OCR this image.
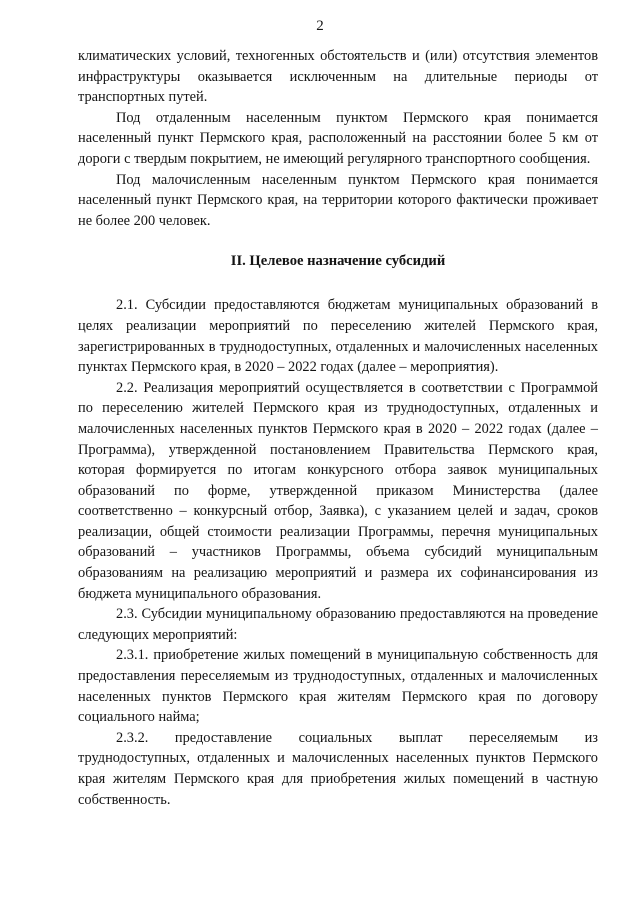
2

климатических условий, техногенных обстоятельств и (или) отсутствия элементов инфраструктуры оказывается исключенным на длительные периоды от транспортных путей.

Под отдаленным населенным пунктом Пермского края понимается населенный пункт Пермского края, расположенный на расстоянии более 5 км от дороги с твердым покрытием, не имеющий регулярного транспортного сообщения.

Под малочисленным населенным пунктом Пермского края понимается населенный пункт Пермского края, на территории которого фактически проживает не более 200 человек.

II. Целевое назначение субсидий

2.1. Субсидии предоставляются бюджетам муниципальных образований в целях реализации мероприятий по переселению жителей Пермского края, зарегистрированных в труднодоступных, отдаленных и малочисленных населенных пунктах Пермского края, в 2020 – 2022 годах (далее – мероприятия).

2.2. Реализация мероприятий осуществляется в соответствии с Программой по переселению жителей Пермского края из труднодоступных, отдаленных и малочисленных населенных пунктов Пермского края в 2020 – 2022 годах (далее – Программа), утвержденной постановлением Правительства Пермского края, которая формируется по итогам конкурсного отбора заявок муниципальных образований по форме, утвержденной приказом Министерства (далее соответственно – конкурсный отбор, Заявка), с указанием целей и задач, сроков реализации, общей стоимости реализации Программы, перечня муниципальных образований – участников Программы, объема субсидий муниципальным образованиям на реализацию мероприятий и размера их софинансирования из бюджета муниципального образования.

2.3. Субсидии муниципальному образованию предоставляются на проведение следующих мероприятий:

2.3.1. приобретение жилых помещений в муниципальную собственность для предоставления переселяемым из труднодоступных, отдаленных и малочисленных населенных пунктов Пермского края жителям Пермского края по договору социального найма;

2.3.2. предоставление социальных выплат переселяемым из труднодоступных, отдаленных и малочисленных населенных пунктов Пермского края жителям Пермского края для приобретения жилых помещений в частную собственность.
